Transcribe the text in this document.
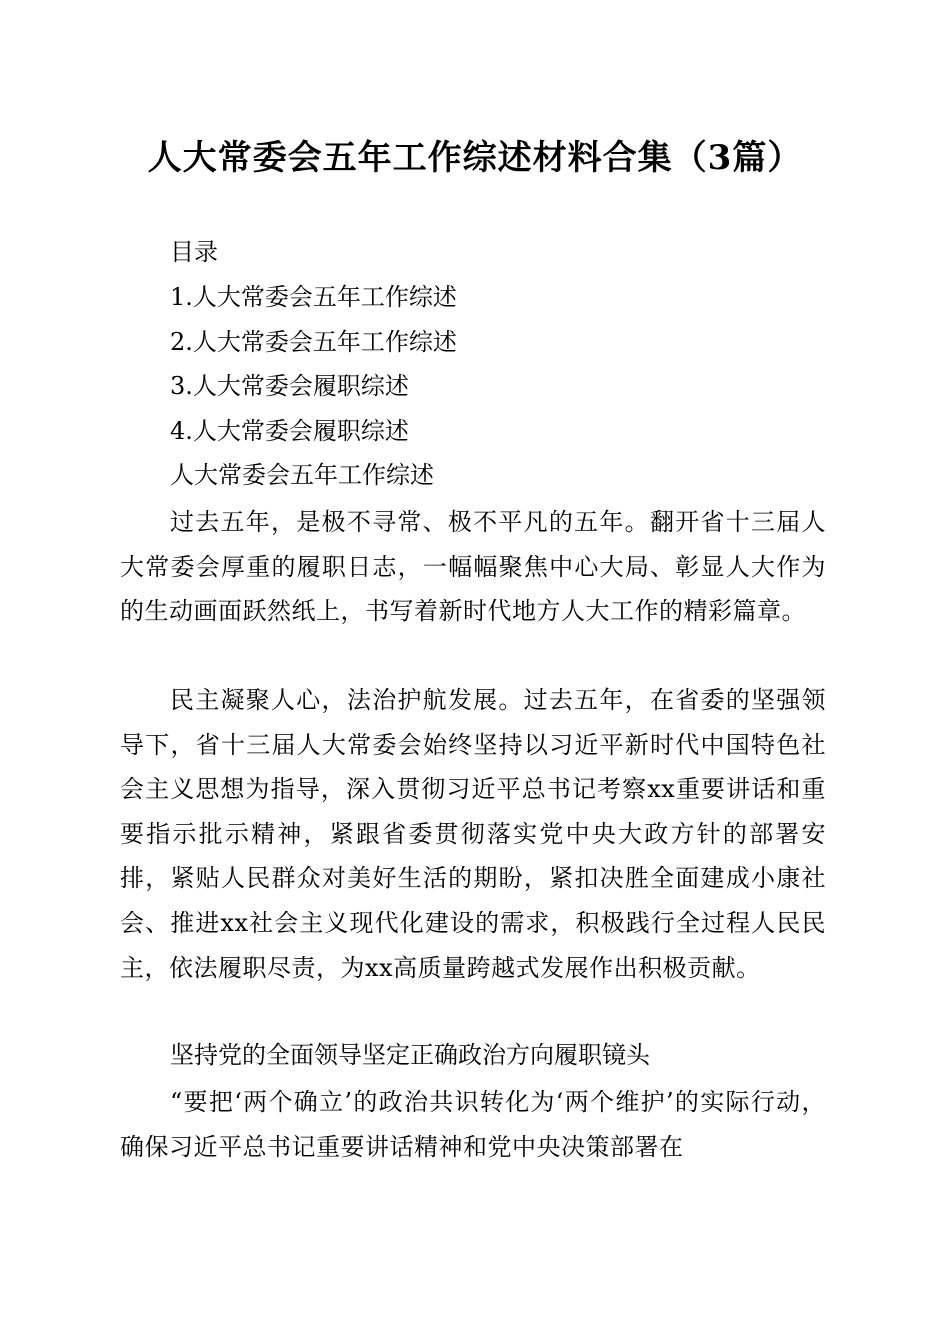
人大常委会五年工作综述材料合集（3篇）

目录

1.人大常委会五年工作综述

2.人大常委会五年工作综述

3.人大常委会履职综述

4.人大常委会履职综述

人大常委会五年工作综述

过去五年，是极不寻常、极不平凡的五年。翻开省十三届人大常委会厚重的履职日志，一幅幅聚焦中心大局、彰显人大作为的生动画面跃然纸上，书写着新时代地方人大工作的精彩篇章。

民主凝聚人心，法治护航发展。过去五年，在省委的坚强领导下，省十三届人大常委会始终坚持以习近平新时代中国特色社会主义思想为指导，深入贯彻习近平总书记考察xx重要讲话和重要指示批示精神，紧跟省委贯彻落实党中央大政方针的部署安排，紧贴人民群众对美好生活的期盼，紧扣决胜全面建成小康社会、推进xx社会主义现代化建设的需求，积极践行全过程人民民主，依法履职尽责，为xx高质量跨越式发展作出积极贡献。

坚持党的全面领导坚定正确政治方向履职镜头

“要把‘两个确立’的政治共识转化为‘两个维护’的实际行动，确保习近平总书记重要讲话精神和党中央决策部署在
